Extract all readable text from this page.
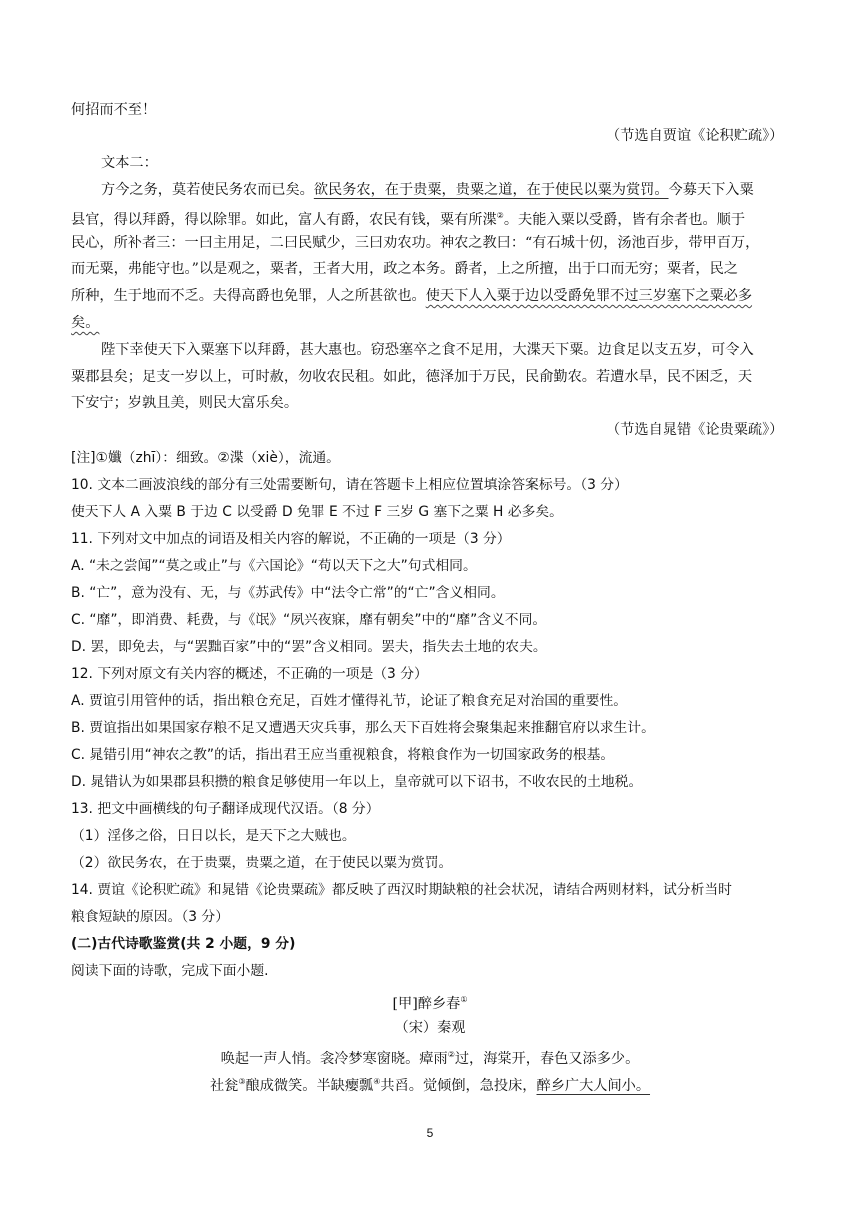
何招而不至！
（节选自贾谊《论积贮疏》）
文本二：
方今之务，莫若使民务农而已矣。欲民务农，在于贵粟，贵粟之道，在于使民以粟为赏罚。今募天下入粟
县官，得以拜爵，得以除罪。如此，富人有爵，农民有钱，粟有所渫②。夫能入粟以受爵，皆有余者也。顺于
民心，所补者三：一曰主用足，二曰民赋少，三曰劝农功。神农之教曰：“有石城十仞，汤池百步，带甲百万，
而无粟，弗能守也。”以是观之，粟者，王者大用，政之本务。爵者，上之所擅，出于口而无穷；粟者，民之
所种，生于地而不乏。夫得高爵也免罪，人之所甚欲也。使天下人入粟于边以受爵免罪不过三岁塞下之粟必多
矣。
陛下幸使天下入粟塞下以拜爵，甚大惠也。窃恐塞卒之食不足用，大渫天下粟。边食足以支五岁，可令入
粟郡县矣；足支一岁以上，可时赦，勿收农民租。如此，德泽加于万民，民俞勤农。若遭水旱，民不困乏，天
下安宁；岁孰且美，则民大富乐矣。
（节选自晁错《论贵粟疏》）
[注]①孅（zhī）：细致。②渫（xiè），流通。
10. 文本二画波浪线的部分有三处需要断句，请在答题卡上相应位置填涂答案标号。（3 分）
使天下人 A 入粟 B 于边 C 以受爵 D 免罪 E 不过 F 三岁 G 塞下之粟 H 必多矣。
11. 下列对文中加点的词语及相关内容的解说，不正确的一项是（3 分）
A. “未之尝闻”“莫之或止”与《六国论》“苟以天下之大”句式相同。
B. “亡”，意为没有、无，与《苏武传》中“法令亡常”的“亡”含义相同。
C. “靡”，即消费、耗费，与《氓》“夙兴夜寐，靡有朝矣”中的“靡”含义不同。
D. 罢，即免去，与“罢黜百家”中的“罢”含义相同。罢夫，指失去土地的农夫。
12. 下列对原文有关内容的概述，不正确的一项是（3 分）
A. 贾谊引用管仲的话，指出粮仓充足，百姓才懂得礼节，论证了粮食充足对治国的重要性。
B. 贾谊指出如果国家存粮不足又遭遇天灾兵事，那么天下百姓将会聚集起来推翻官府以求生计。
C. 晁错引用“神农之教”的话，指出君王应当重视粮食，将粮食作为一切国家政务的根基。
D. 晁错认为如果郡县积攒的粮食足够使用一年以上，皇帝就可以下诏书，不收农民的土地税。
13. 把文中画横线的句子翻译成现代汉语。（8 分）
（1）淫侈之俗，日日以长，是天下之大贼也。
（2）欲民务农，在于贵粟，贵粟之道，在于使民以粟为赏罚。
14. 贾谊《论积贮疏》和晁错《论贵粟疏》都反映了西汉时期缺粮的社会状况，请结合两则材料，试分析当时
粮食短缺的原因。（3 分）
(二)古代诗歌鉴赏(共 2 小题，9 分)
阅读下面的诗歌，完成下面小题.
[甲]醉乡春①
（宋）秦观
唤起一声人悄。衾冷梦寒窗晓。瘴雨②过，海棠开，春色又添多少。
社瓮③酿成微笑。半缺瘿瓢④共舀。觉倾倒，急投床，醉乡广大人间小。
5
